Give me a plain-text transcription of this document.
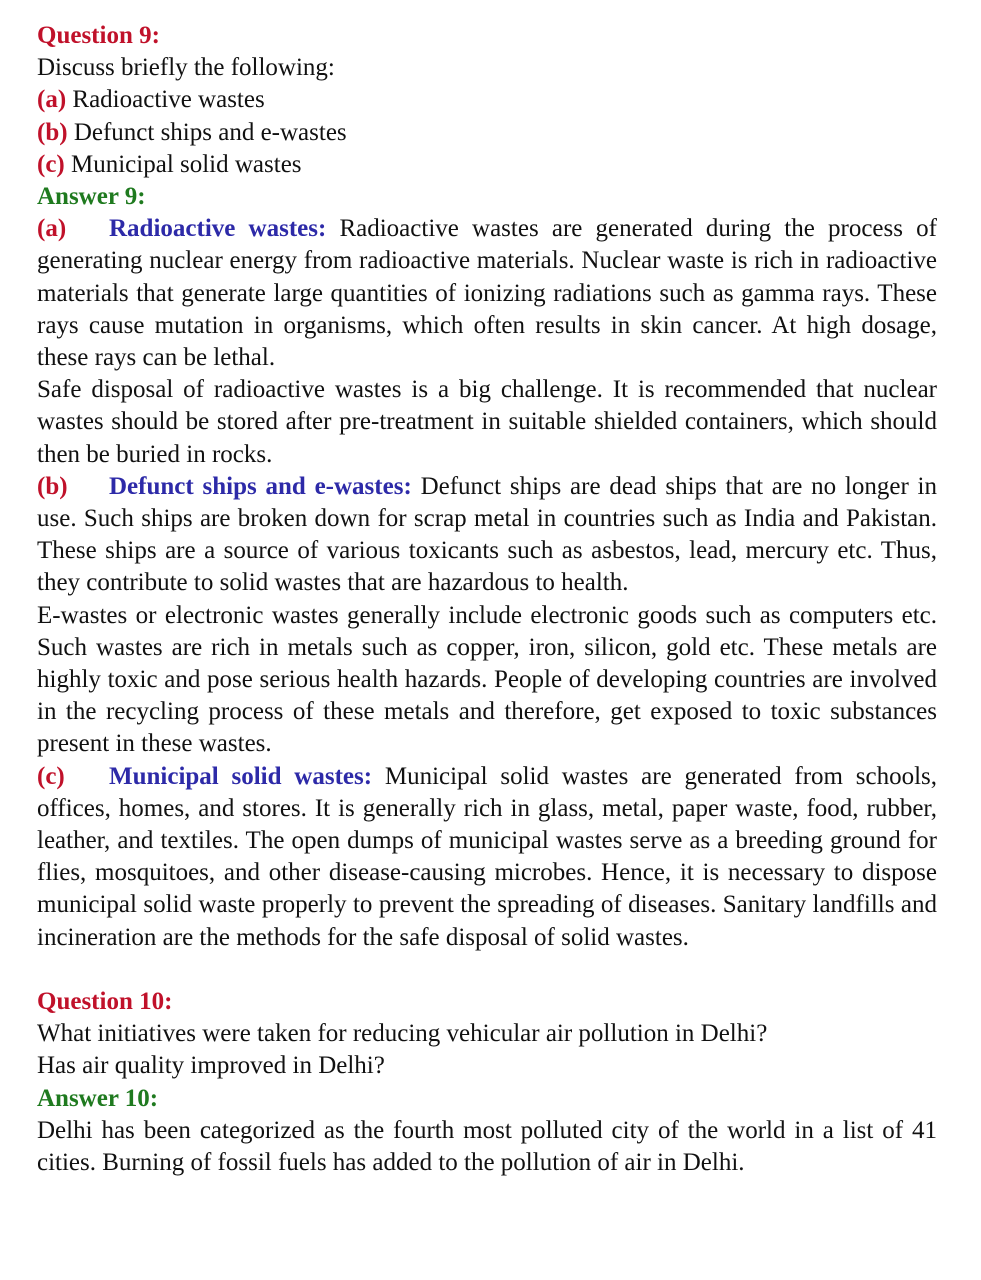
Question 9:
Discuss briefly the following:
(a) Radioactive wastes
(b) Defunct ships and e-wastes
(c) Municipal solid wastes
Answer 9:
(a) Radioactive wastes: Radioactive wastes are generated during the process of generating nuclear energy from radioactive materials. Nuclear waste is rich in radioactive materials that generate large quantities of ionizing radiations such as gamma rays. These rays cause mutation in organisms, which often results in skin cancer. At high dosage, these rays can be lethal.
Safe disposal of radioactive wastes is a big challenge. It is recommended that nuclear wastes should be stored after pre-treatment in suitable shielded containers, which should then be buried in rocks.
(b) Defunct ships and e-wastes: Defunct ships are dead ships that are no longer in use. Such ships are broken down for scrap metal in countries such as India and Pakistan. These ships are a source of various toxicants such as asbestos, lead, mercury etc. Thus, they contribute to solid wastes that are hazardous to health.
E-wastes or electronic wastes generally include electronic goods such as computers etc. Such wastes are rich in metals such as copper, iron, silicon, gold etc. These metals are highly toxic and pose serious health hazards. People of developing countries are involved in the recycling process of these metals and therefore, get exposed to toxic substances present in these wastes.
(c) Municipal solid wastes: Municipal solid wastes are generated from schools, offices, homes, and stores. It is generally rich in glass, metal, paper waste, food, rubber, leather, and textiles. The open dumps of municipal wastes serve as a breeding ground for flies, mosquitoes, and other disease-causing microbes. Hence, it is necessary to dispose municipal solid waste properly to prevent the spreading of diseases. Sanitary landfills and incineration are the methods for the safe disposal of solid wastes.
Question 10:
What initiatives were taken for reducing vehicular air pollution in Delhi?
Has air quality improved in Delhi?
Answer 10:
Delhi has been categorized as the fourth most polluted city of the world in a list of 41 cities. Burning of fossil fuels has added to the pollution of air in Delhi.
